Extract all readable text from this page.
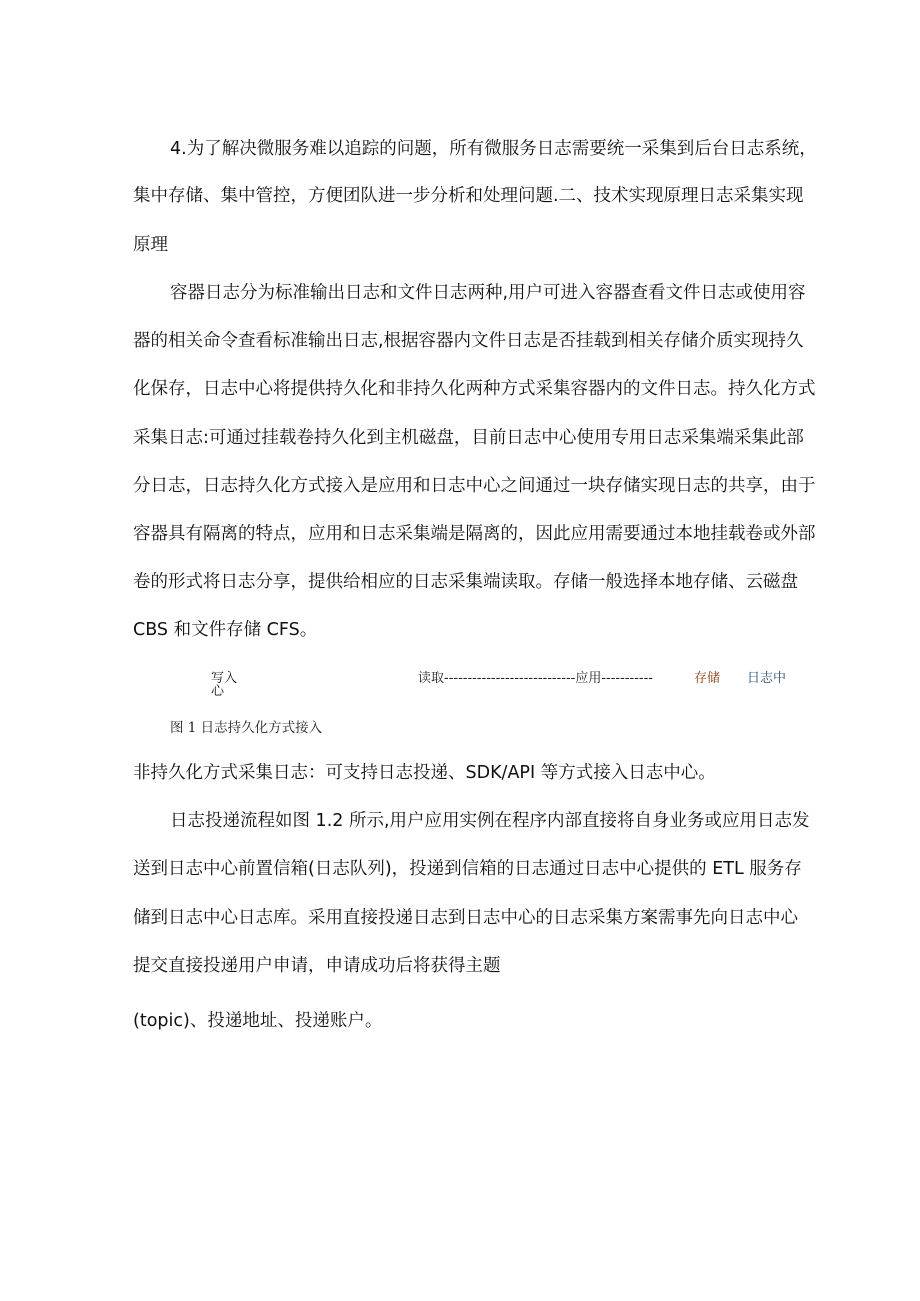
4.为了解决微服务难以追踪的问题，所有微服务日志需要统一采集到后台日志系统，
集中存储、集中管控，方便团队进一步分析和处理问题.二、技术实现原理日志采集实现
原理
容器日志分为标准输出日志和文件日志两种,用户可进入容器查看文件日志或使用容
器的相关命令查看标准输出日志,根据容器内文件日志是否挂载到相关存储介质实现持久
化保存，日志中心将提供持久化和非持久化两种方式采集容器内的文件日志。持久化方式
采集日志:可通过挂载卷持久化到主机磁盘，目前日志中心使用专用日志采集端采集此部
分日志，日志持久化方式接入是应用和日志中心之间通过一块存储实现日志的共享，由于
容器具有隔离的特点，应用和日志采集端是隔离的，因此应用需要通过本地挂载卷或外部
卷的形式将日志分享，提供给相应的日志采集端读取。存储一般选择本地存储、云磁盘
CBS 和文件存储 CFS。
写入
心
读取----------------------------应用-----------	存储 日志中
图 1 日志持久化方式接入
非持久化方式采集日志：可支持日志投递、SDK/API 等方式接入日志中心。
日志投递流程如图 1.2 所示,用户应用实例在程序内部直接将自身业务或应用日志发
送到日志中心前置信箱(日志队列)，投递到信箱的日志通过日志中心提供的 ETL 服务存
储到日志中心日志库。采用直接投递日志到日志中心的日志采集方案需事先向日志中心
提交直接投递用户申请，申请成功后将获得主题
(topic)、投递地址、投递账户。
